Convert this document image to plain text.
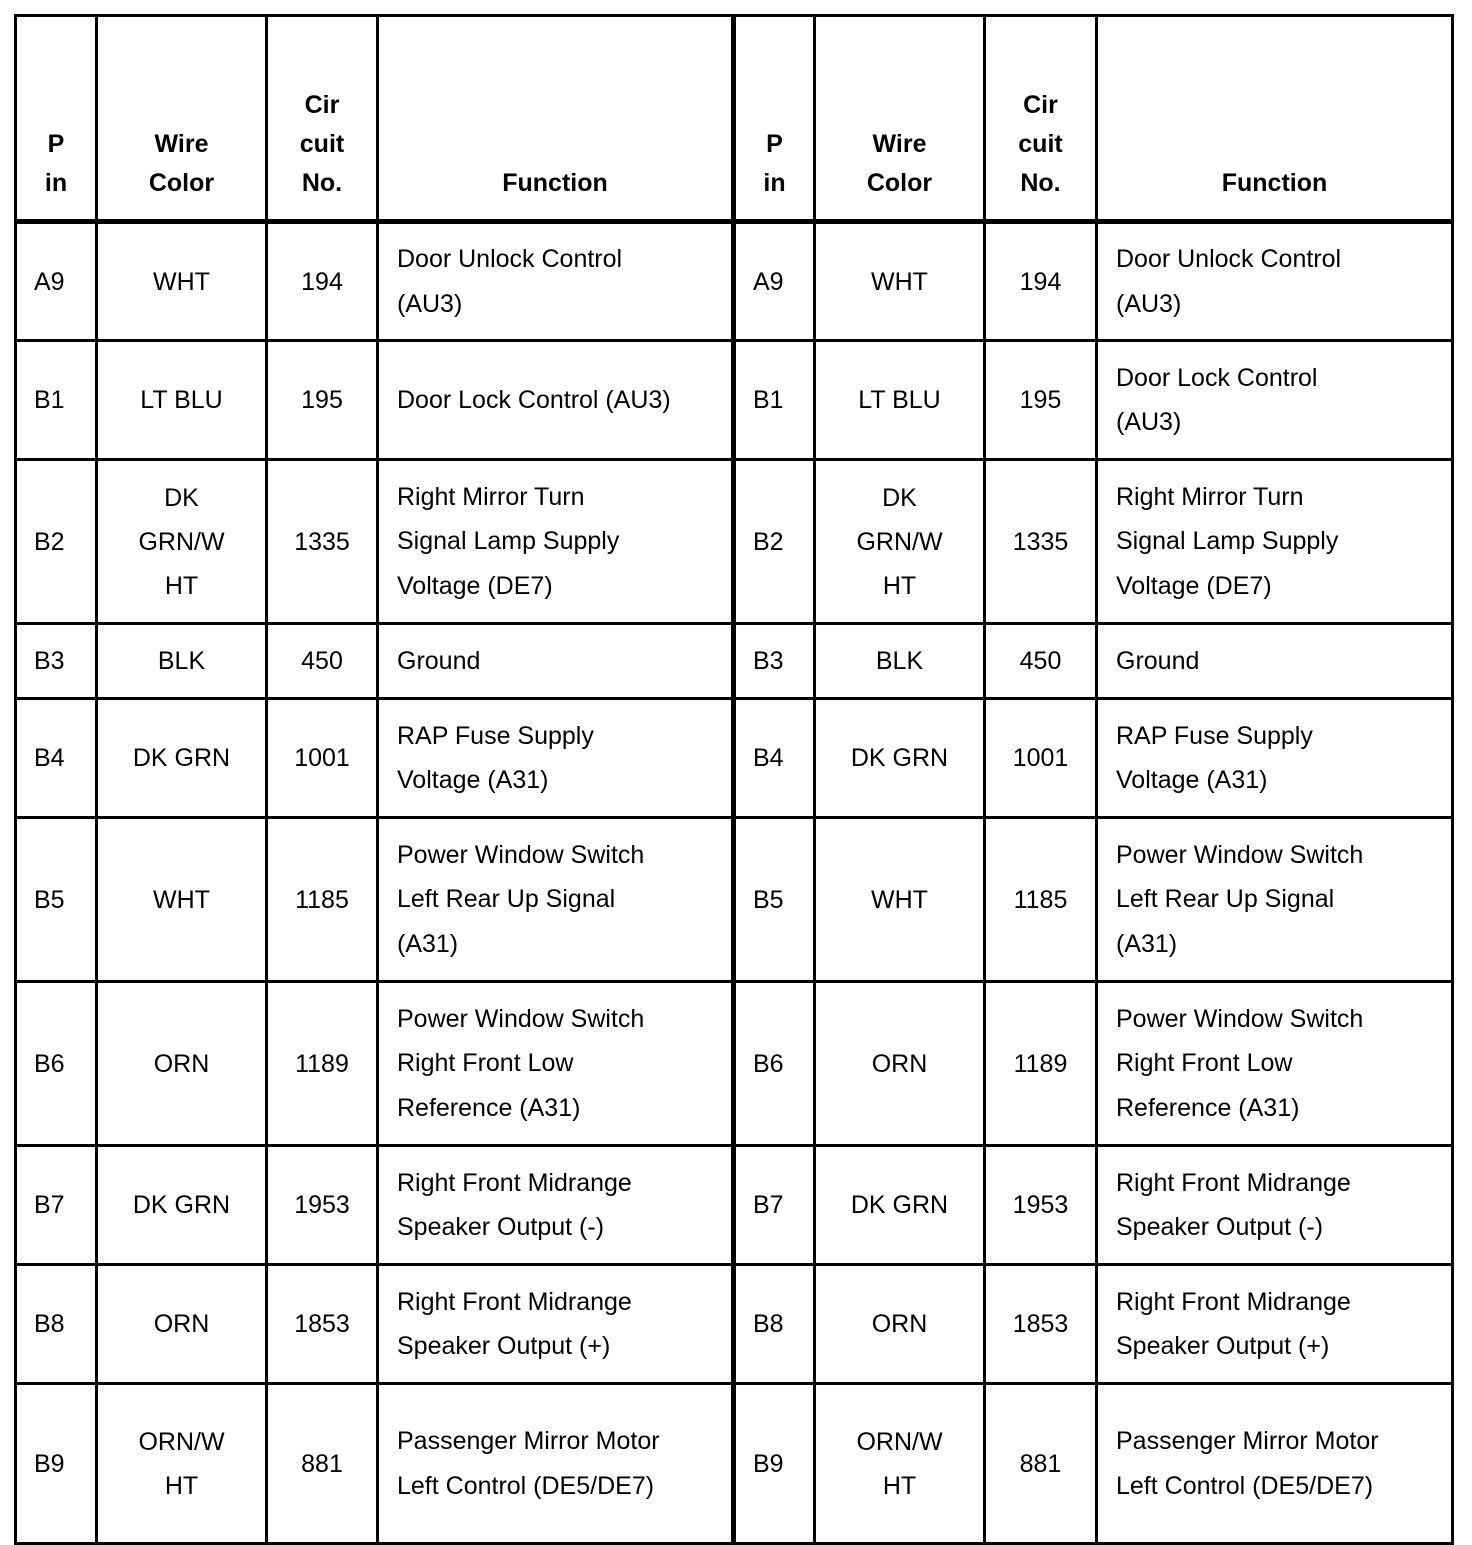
P
in	Wire
Color	Cir
cuit
No.	Function	P
in	Wire
Color	Cir
cuit
No.	Function

A9	WHT	194	Door Unlock Control
(AU3)	A9	WHT	194	Door Unlock Control
(AU3)

B1	LT BLU	195	Door Lock Control (AU3)	B1	LT BLU	195	Door Lock Control
(AU3)

B2	DK
GRN/W
HT	1335	Right Mirror Turn
Signal Lamp Supply
Voltage (DE7)	B2	DK
GRN/W
HT	1335	Right Mirror Turn
Signal Lamp Supply
Voltage (DE7)

B3	BLK	450	Ground	B3	BLK	450	Ground

B4	DK GRN	1001	RAP Fuse Supply
Voltage (A31)	B4	DK GRN	1001	RAP Fuse Supply
Voltage (A31)

B5	WHT	1185	Power Window Switch
Left Rear Up Signal
(A31)	B5	WHT	1185	Power Window Switch
Left Rear Up Signal
(A31)

B6	ORN	1189	Power Window Switch
Right Front Low
Reference (A31)	B6	ORN	1189	Power Window Switch
Right Front Low
Reference (A31)

B7	DK GRN	1953	Right Front Midrange
Speaker Output (-)	B7	DK GRN	1953	Right Front Midrange
Speaker Output (-)

B8	ORN	1853	Right Front Midrange
Speaker Output (+)	B8	ORN	1853	Right Front Midrange
Speaker Output (+)

B9	ORN/W
HT	881	Passenger Mirror Motor
Left Control (DE5/DE7)	B9	ORN/W
HT	881	Passenger Mirror Motor
Left Control (DE5/DE7)
